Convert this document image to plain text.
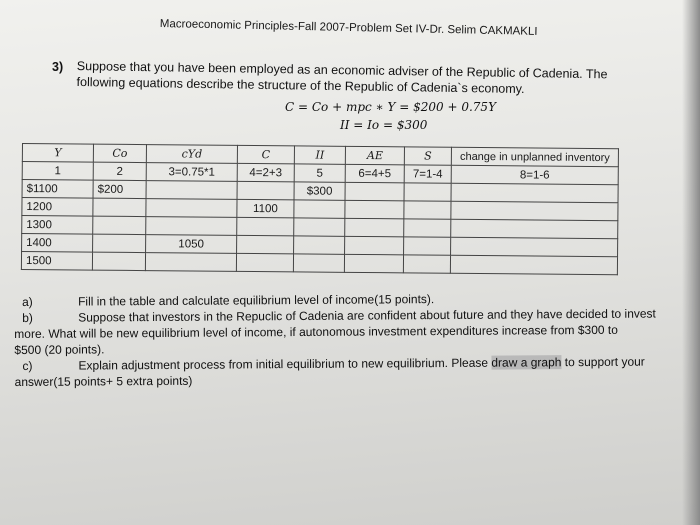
Macroeconomic Principles-Fall 2007-Problem Set IV-Dr. Selim CAKMAKLI
3) Suppose that you have been employed as an economic adviser of the Republic of Cadenia. The following equations describe the structure of the Republic of Cadenia`s economy.
C = Co + mpc ∗ Y = $200 + 0.75Y
II = Io = $300
Y	Co	cYd	C	II	AE	S	change in unplanned inventory
1	2	3=0.75*1	4=2+3	5	6=4+5	7=1-4	8=1-6
$1100	$200			$300			
1200			1100				
1300							
1400		1050					
1500							
a)	Fill in the table and calculate equilibrium level of income(15 points).
b)	Suppose that investors in the Repuclic of Cadenia are confident about future and they have decided to invest
more. What will be new equilibrium level of income, if autonomous investment expenditures increase from $300 to
$500 (20 points).
c)	Explain adjustment process from initial equilibrium to new equilibrium. Please draw a graph to support your
answer(15 points+ 5 extra points)
